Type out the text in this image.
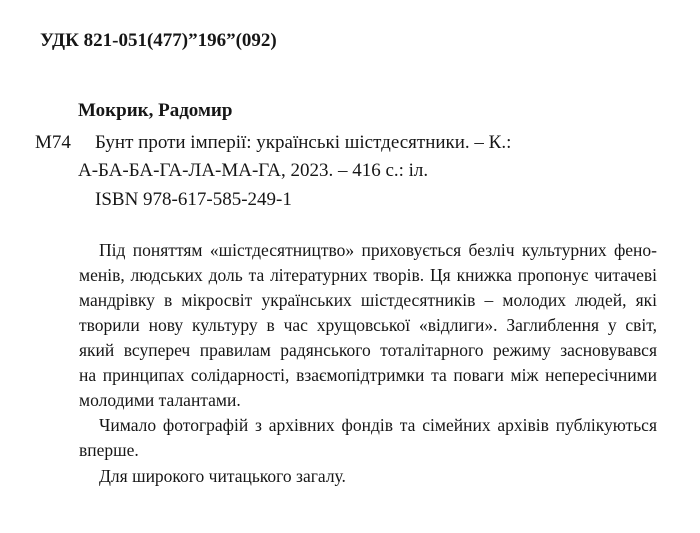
УДК 821-051(477)”196”(092)
Мокрик, Радомир
М74 Бунт проти імперії: українські шістдесятники. – К.:
А-БА-БА-ГА-ЛА-МА-ГА, 2023. – 416 с.: іл.
ISBN 978-617-585-249-1
Під поняттям «шістдесятництво» приховується безліч культурних фено-
менів, людських доль та літературних творів. Ця книжка пропонує читачеві
мандрівку в мікросвіт українських шістдесятників – молодих людей, які
творили нову культуру в час хрущовської «відлиги». Заглиблення у світ,
який всупереч правилам радянського тоталітарного режиму засновувався
на принципах солідарності, взаємопідтримки та поваги між непересічними
молодими талантами.
Чимало фотографій з архівних фондів та сімейних архівів публікуються
вперше.
Для широкого читацького загалу.
